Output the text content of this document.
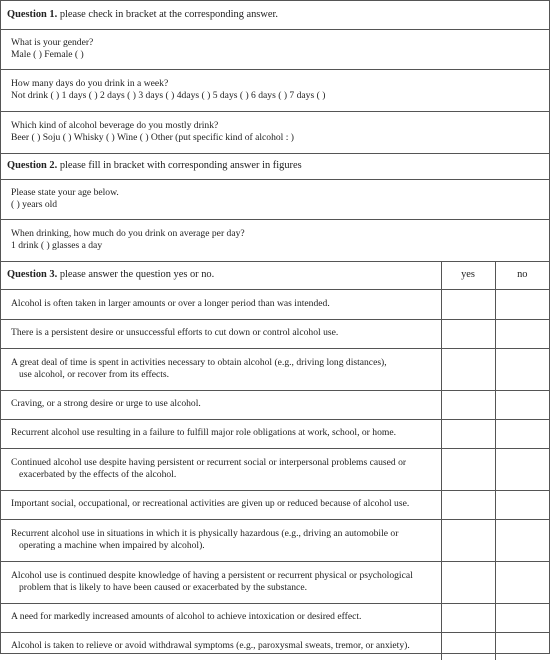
Question 1. please check in bracket at the corresponding answer.		

What is your gender?
Male ( ) Female ( )		

How many days do you drink in a week?
Not drink ( ) 1 days ( ) 2 days ( ) 3 days ( ) 4days ( ) 5 days ( ) 6 days ( ) 7 days ( )		

Which kind of alcohol beverage do you mostly drink?
Beer ( ) Soju ( ) Whisky ( ) Wine ( ) Other (put specific kind of alcohol : )		

Question 2. please fill in bracket with corresponding answer in figures		

Please state your age below.
( ) years old		

When drinking, how much do you drink on average per day?
1 drink ( ) glasses a day		

Question 3. please answer the question yes or no.	yes	no

Alcohol is often taken in larger amounts or over a longer period than was intended.		

There is a persistent desire or unsuccessful efforts to cut down or control alcohol use.		

A great deal of time is spent in activities necessary to obtain alcohol (e.g., driving long distances),
use alcohol, or recover from its effects.		

Craving, or a strong desire or urge to use alcohol.		

Recurrent alcohol use resulting in a failure to fulfill major role obligations at work, school, or home.		

Continued alcohol use despite having persistent or recurrent social or interpersonal problems caused or
exacerbated by the effects of the alcohol.		

Important social, occupational, or recreational activities are given up or reduced because of alcohol use.		

Recurrent alcohol use in situations in which it is physically hazardous (e.g., driving an automobile or
operating a machine when impaired by alcohol).		

Alcohol use is continued despite knowledge of having a persistent or recurrent physical or psychological
problem that is likely to have been caused or exacerbated by the substance.		

A need for markedly increased amounts of alcohol to achieve intoxication or desired effect.		

Alcohol is taken to relieve or avoid withdrawal symptoms (e.g., paroxysmal sweats, tremor, or anxiety).		
